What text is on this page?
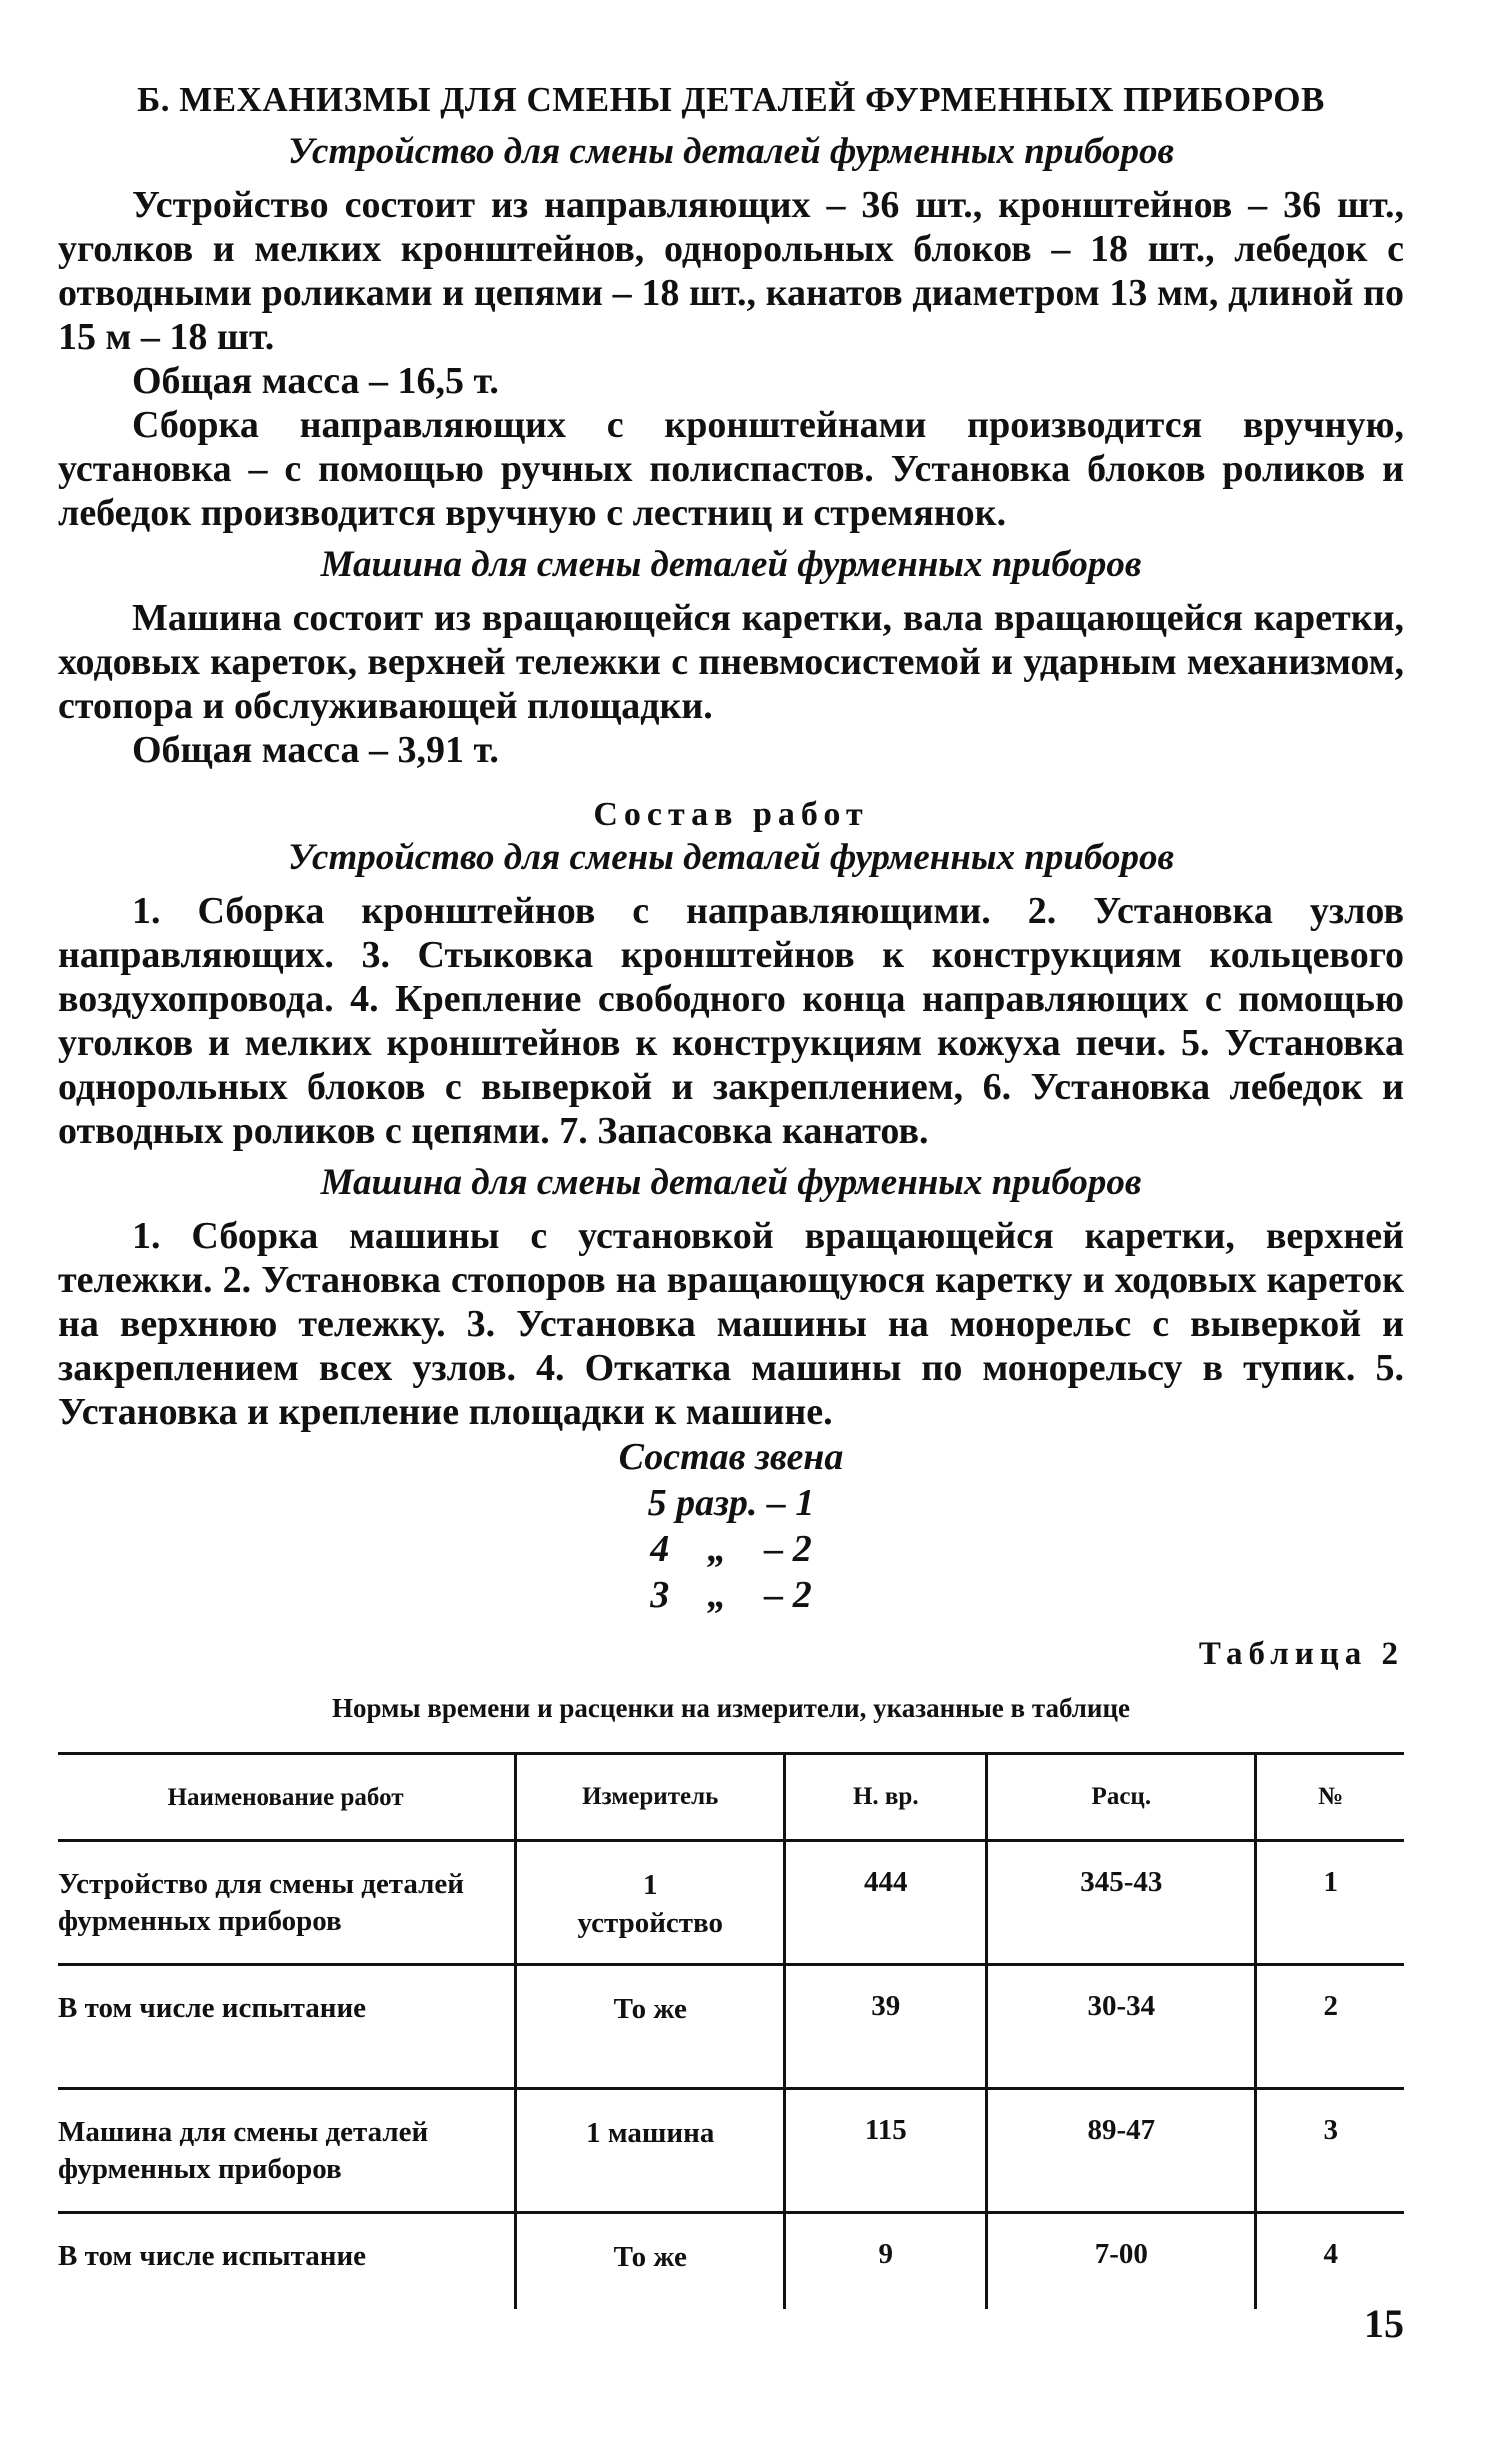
Б. МЕХАНИЗМЫ ДЛЯ СМЕНЫ ДЕТАЛЕЙ ФУРМЕННЫХ ПРИБОРОВ
Устройство для смены деталей фурменных приборов

Устройство состоит из направляющих – 36 шт., кронштейнов – 36 шт., уголков и мелких кронштейнов, однорольных блоков – 18 шт., лебедок с отводными роликами и цепями – 18 шт., канатов диаметром 13 мм, длиной по 15 м – 18 шт.

Общая масса – 16,5 т.

Сборка направляющих с кронштейнами производится вручную, установка – с помощью ручных полиспастов. Установка блоков роликов и лебедок производится вручную с лестниц и стремянок.

Машина для смены деталей фурменных приборов

Машина состоит из вращающейся каретки, вала вращающейся каретки, ходовых кареток, верхней тележки с пневмосистемой и ударным механизмом, стопора и обслуживающей площадки.

Общая масса – 3,91 т.

Состав работ
Устройство для смены деталей фурменных приборов

1. Сборка кронштейнов с направляющими. 2. Установка узлов направляющих. 3. Стыковка кронштейнов к конструкциям кольцевого воздухопровода. 4. Крепление свободного конца направляющих с помощью уголков и мелких кронштейнов к конструкциям кожуха печи. 5. Установка однорольных блоков с выверкой и закреплением, 6. Установка лебедок и отводных роликов с цепями. 7. Запасовка канатов.

Машина для смены деталей фурменных приборов

1. Сборка машины с установкой вращающейся каретки, верхней тележки. 2. Установка стопоров на вращающуюся каретку и ходовых кареток на верхнюю тележку. 3. Установка машины на монорельс с выверкой и закреплением всех узлов. 4. Откатка машины по монорельсу в тупик. 5. Установка и крепление площадки к машине.

Состав звена
5 разр. – 1
4    „    – 2
3    „    – 2
Таблица 2
Нормы времени и расценки на измерители, указанные в таблице
Наименование работ	Измеритель	Н. вр.	Расц.	№
Устройство для смены деталей фурменных приборов	1 устройство	444	345-43	1
В том числе испытание	То же	39	30-34	2
Машина для смены деталей фурменных приборов	1 машина	115	89-47	3
В том числе испытание	То же	9	7-00	4
15
